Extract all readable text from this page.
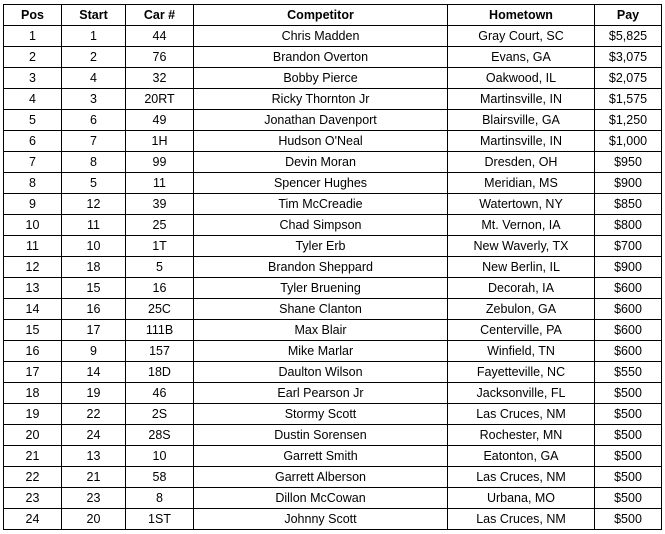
Pos	Start	Car #	Competitor	Hometown	Pay
1	1	44	Chris Madden	Gray Court, SC	$5,825
2	2	76	Brandon Overton	Evans, GA	$3,075
3	4	32	Bobby Pierce	Oakwood, IL	$2,075
4	3	20RT	Ricky Thornton Jr	Martinsville, IN	$1,575
5	6	49	Jonathan Davenport	Blairsville, GA	$1,250
6	7	1H	Hudson O'Neal	Martinsville, IN	$1,000
7	8	99	Devin Moran	Dresden, OH	$950
8	5	11	Spencer Hughes	Meridian, MS	$900
9	12	39	Tim McCreadie	Watertown, NY	$850
10	11	25	Chad Simpson	Mt. Vernon, IA	$800
11	10	1T	Tyler Erb	New Waverly, TX	$700
12	18	5	Brandon Sheppard	New Berlin, IL	$900
13	15	16	Tyler Bruening	Decorah, IA	$600
14	16	25C	Shane Clanton	Zebulon, GA	$600
15	17	111B	Max Blair	Centerville, PA	$600
16	9	157	Mike Marlar	Winfield, TN	$600
17	14	18D	Daulton Wilson	Fayetteville, NC	$550
18	19	46	Earl Pearson Jr	Jacksonville, FL	$500
19	22	2S	Stormy Scott	Las Cruces, NM	$500
20	24	28S	Dustin Sorensen	Rochester, MN	$500
21	13	10	Garrett Smith	Eatonton, GA	$500
22	21	58	Garrett Alberson	Las Cruces, NM	$500
23	23	8	Dillon McCowan	Urbana, MO	$500
24	20	1ST	Johnny Scott	Las Cruces, NM	$500
